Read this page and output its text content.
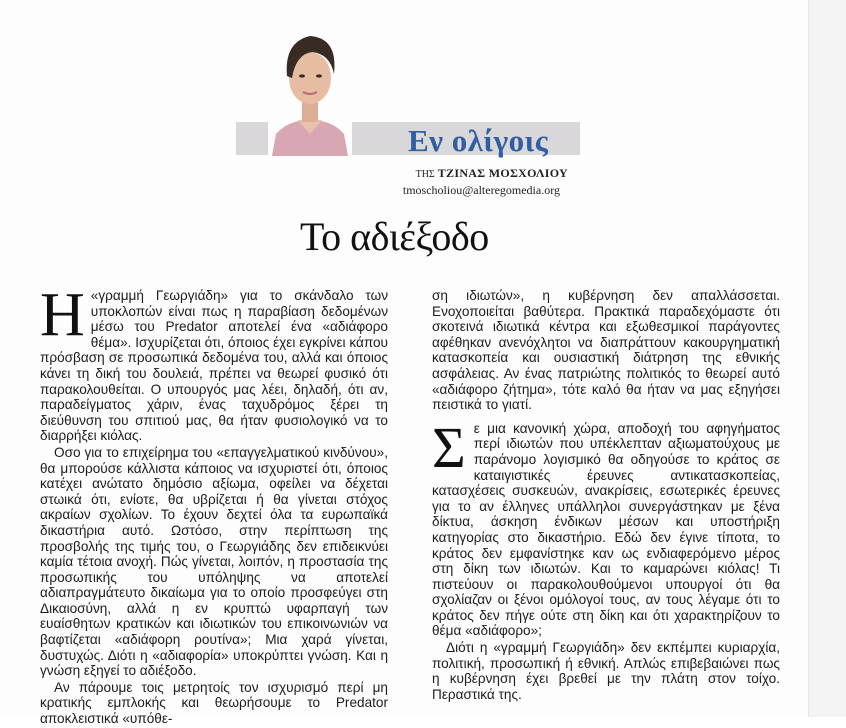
Εν ολίγοις
ΤΗΣ ΤΖΙΝΑΣ ΜΟΣΧΟΛΙΟΥ
tmoscholiou@alteregomedia.org
Το αδιέξοδο

Η «γραμμή Γεωργιάδη» για το σκάνδαλο των υποκλοπών είναι πως η παραβίαση δεδομένων μέσω του Predator αποτελεί ένα «αδιάφορο θέμα». Ισχυρίζεται ότι, όποιος έχει εγκρίνει κάπου πρόσβαση σε προσωπικά δεδομένα του, αλλά και όποιος κάνει τη δική του δουλειά, πρέπει να θεωρεί φυσικό ότι παρακολουθείται. Ο υπουργός μας λέει, δηλαδή, ότι αν, παραδείγματος χάριν, ένας ταχυδρόμος ξέρει τη διεύθυνση του σπιτιού μας, θα ήταν φυσιολογικό να το διαρρήξει κιόλας.

Οσο για το επιχείρημα του «επαγγελματικού κινδύνου», θα μπορούσε κάλλιστα κάποιος να ισχυριστεί ότι, όποιος κατέχει ανώτατο δημόσιο αξίωμα, οφείλει να δέχεται στωικά ότι, ενίοτε, θα υβρίζεται ή θα γίνεται στόχος ακραίων σχολίων. Το έχουν δεχτεί όλα τα ευρωπαϊκά δικαστήρια αυτό. Ωστόσο, στην περίπτωση της προσβολής της τιμής του, ο Γεωργιάδης δεν επιδεικνύει καμία τέτοια ανοχή. Πώς γίνεται, λοιπόν, η προστασία της προσωπικής του υπόληψης να αποτελεί αδιαπραγμάτευτο δικαίωμα για το οποίο προσφεύγει στη Δικαιοσύνη, αλλά η εν κρυπτώ υφαρπαγή των ευαίσθητων κρατικών και ιδιωτικών του επικοινωνιών να βαφτίζεται «αδιάφορη ρουτίνα»; Μια χαρά γίνεται, δυστυχώς. Διότι η «αδιαφορία» υποκρύπτει γνώση. Και η γνώση εξηγεί το αδιέξοδο.

Αν πάρουμε τοις μετρητοίς τον ισχυρισμό περί μη κρατικής εμπλοκής και θεωρήσουμε το Predator αποκλειστικά «υπόθε-

ση ιδιωτών», η κυβέρνηση δεν απαλλάσσεται. Ενοχοποιείται βαθύτερα. Πρακτικά παραδεχόμαστε ότι σκοτεινά ιδιωτικά κέντρα και εξωθεσμικοί παράγοντες αφέθηκαν ανενόχλητοι να διαπράττουν κακουργηματική κατασκοπεία και ουσιαστική διάτρηση της εθνικής ασφάλειας. Αν ένας πατριώτης πολιτικός το θεωρεί αυτό «αδιάφορο ζήτημα», τότε καλό θα ήταν να μας εξηγήσει πειστικά το γιατί.

Σ ε μια κανονική χώρα, αποδοχή του αφηγήματος περί ιδιωτών που υπέκλεπταν αξιωματούχους με παράνομο λογισμικό θα οδηγούσε το κράτος σε καταιγιστικές έρευνες αντικατασκοπείας, κατασχέσεις συσκευών, ανακρίσεις, εσωτερικές έρευνες για το αν έλληνες υπάλληλοι συνεργάστηκαν με ξένα δίκτυα, άσκηση ένδικων μέσων και υποστήριξη κατηγορίας στο δικαστήριο. Εδώ δεν έγινε τίποτα, το κράτος δεν εμφανίστηκε καν ως ενδιαφερόμενο μέρος στη δίκη των ιδιωτών. Και το καμαρώνει κιόλας! Τι πιστεύουν οι παρακολουθούμενοι υπουργοί ότι θα σχολίαζαν οι ξένοι ομόλογοί τους, αν τους λέγαμε ότι το κράτος δεν πήγε ούτε στη δίκη και ότι χαρακτηρίζουν το θέμα «αδιάφορο»;

Διότι η «γραμμή Γεωργιάδη» δεν εκπέμπει κυριαρχία, πολιτική, προσωπική ή εθνική. Απλώς επιβεβαιώνει πως η κυβέρνηση έχει βρεθεί με την πλάτη στον τοίχο. Περαστικά της.
